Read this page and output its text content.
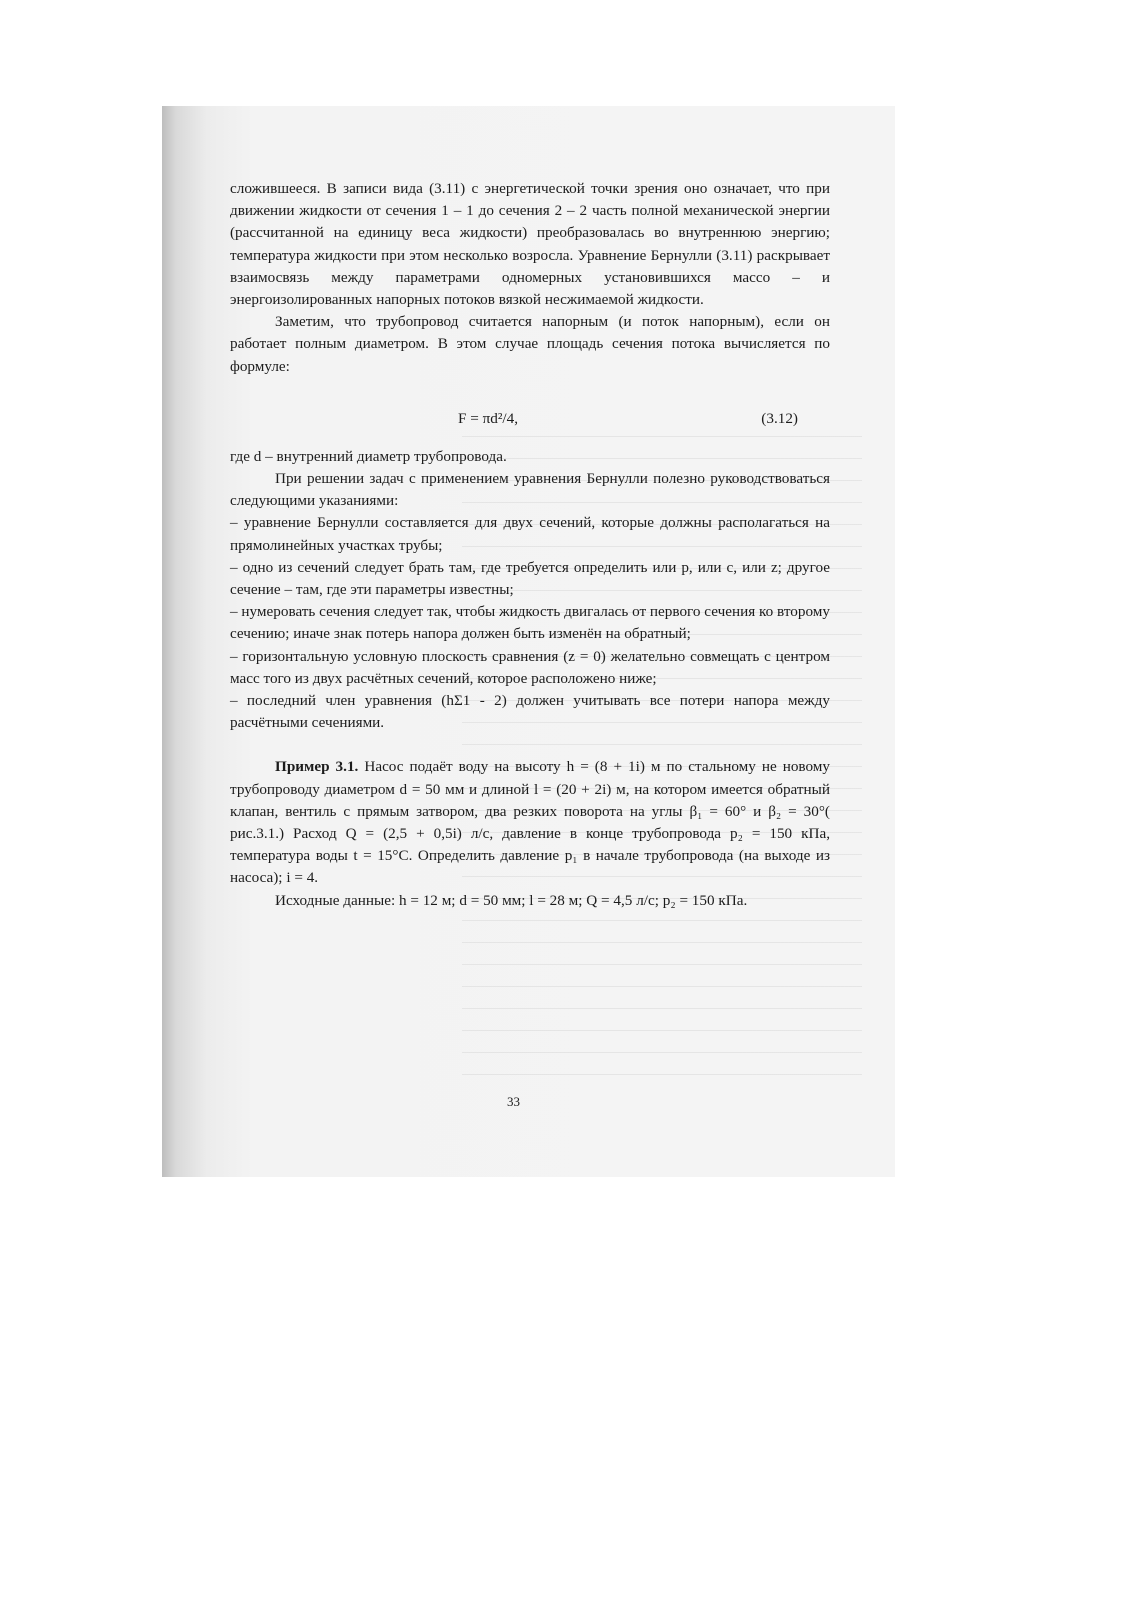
сложившееся. В записи вида (3.11) с энергетической точки зрения оно означает, что при движении жидкости от сечения 1 – 1 до сечения 2 – 2 часть полной механической энергии (рассчитанной на единицу веса жидкости) преобразовалась во внутреннюю энергию; температура жидкости при этом несколько возросла. Уравнение Бернулли (3.11) раскрывает взаимосвязь между параметрами одномерных установившихся массо – и энергоизолированных напорных потоков вязкой несжимаемой жидкости.

Заметим, что трубопровод считается напорным (и поток напорным), если он работает полным диаметром. В этом случае площадь сечения потока вычисляется по формуле:

F = πd²/4,	(3.12)

где d – внутренний диаметр трубопровода.

При решении задач с применением уравнения Бернулли полезно руководствоваться следующими указаниями:

– уравнение Бернулли составляется для двух сечений, которые должны располагаться на прямолинейных участках трубы;

– одно из сечений следует брать там, где требуется определить или p, или c, или z; другое сечение – там, где эти параметры известны;

– нумеровать сечения следует так, чтобы жидкость двигалась от первого сечения ко второму сечению; иначе знак потерь напора должен быть изменён на обратный;

– горизонтальную условную плоскость сравнения (z = 0) желательно совмещать с центром масс того из двух расчётных сечений, которое расположено ниже;

– последний член уравнения (hΣ1 - 2) должен учитывать все потери напора между расчётными сечениями.

Пример 3.1. Насос подаёт воду на высоту h = (8 + 1i) м по стальному не новому трубопроводу диаметром d = 50 мм и длиной l = (20 + 2i) м, на котором имеется обратный клапан, вентиль с прямым затвором, два резких поворота на углы β₁ = 60° и β₂ = 30°( рис.3.1.) Расход Q = (2,5 + 0,5i) л/с, давление в конце трубопровода p₂ = 150 кПа, температура воды t = 15°С. Определить давление p₁ в начале трубопровода (на выходе из насоса); i = 4.

Исходные данные: h = 12 м; d = 50 мм; l = 28 м; Q = 4,5 л/с; p₂ = 150 кПа.

33
